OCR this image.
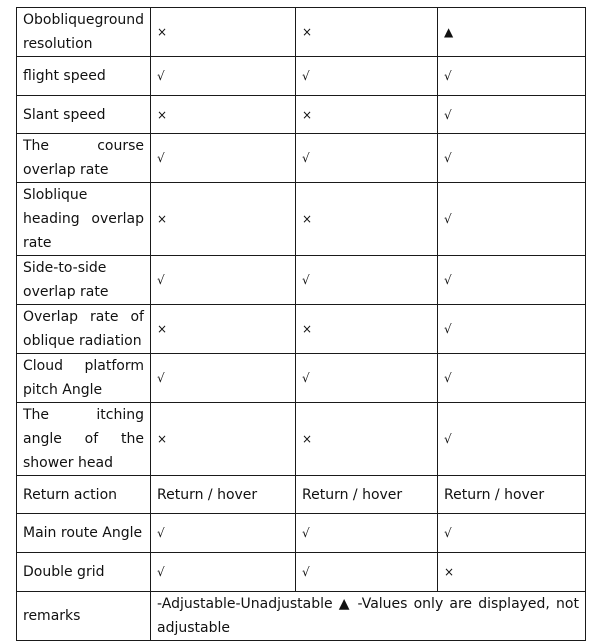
Obobliqueground resolution	×	×	▲
flight speed	√	√	√
Slant speed	×	×	√
The course overlap rate	√	√	√
Sloblique heading overlap rate	×	×	√
Side-to-side overlap rate	√	√	√
Overlap rate of oblique radiation	×	×	√
Cloud platform pitch Angle	√	√	√
The itching angle of the shower head	×	×	√
Return action	Return / hover	Return / hover	Return / hover
Main route Angle	√	√	√
Double grid	√	√	×
remarks	-Adjustable-Unadjustable ▲ -Values only are displayed, not adjustable		
